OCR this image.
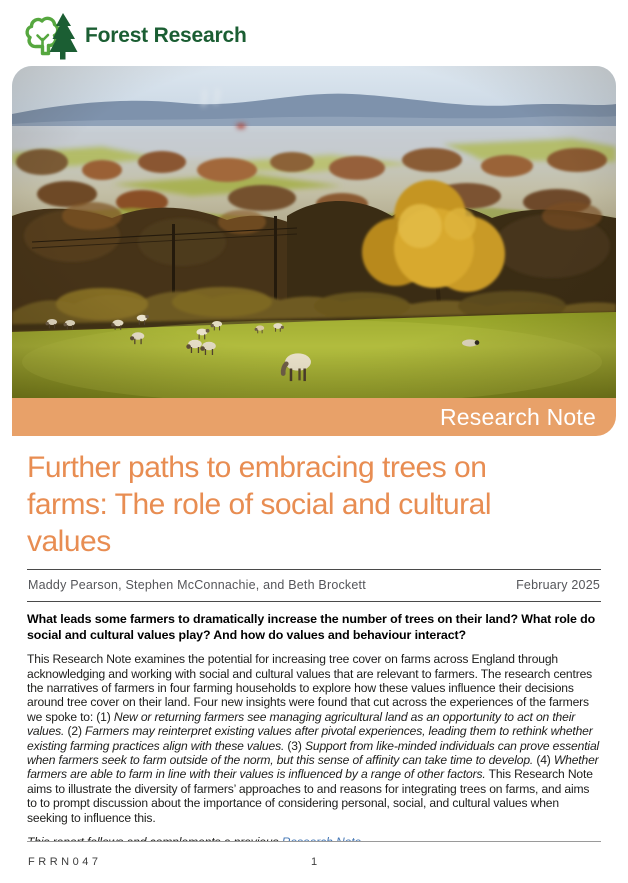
Forest Research
Research Note
Further paths to embracing trees on
farms: The role of social and cultural
values
Maddy Pearson, Stephen McConnachie, and Beth Brockett	February 2025

What leads some farmers to dramatically increase the number of trees on their land? What role do social and cultural values play? And how do values and behaviour interact?

This Research Note examines the potential for increasing tree cover on farms across England through acknowledging and working with social and cultural values that are relevant to farmers. The research centres the narratives of farmers in four farming households to explore how these values influence their decisions around tree cover on their land. Four new insights were found that cut across the experiences of the farmers we spoke to: (1) New or returning farmers see managing agricultural land as an opportunity to act on their values. (2) Farmers may reinterpret existing values after pivotal experiences, leading them to rethink whether existing farming practices align with these values. (3) Support from like-minded individuals can prove essential when farmers seek to farm outside of the norm, but this sense of affinity can take time to develop. (4) Whether farmers are able to farm in line with their values is influenced by a range of other factors. This Research Note aims to illustrate the diversity of farmers’ approaches to and reasons for integrating trees on farms, and aims to to prompt discussion about the importance of considering personal, social, and cultural values when seeking to influence this.

FRRN047	1
